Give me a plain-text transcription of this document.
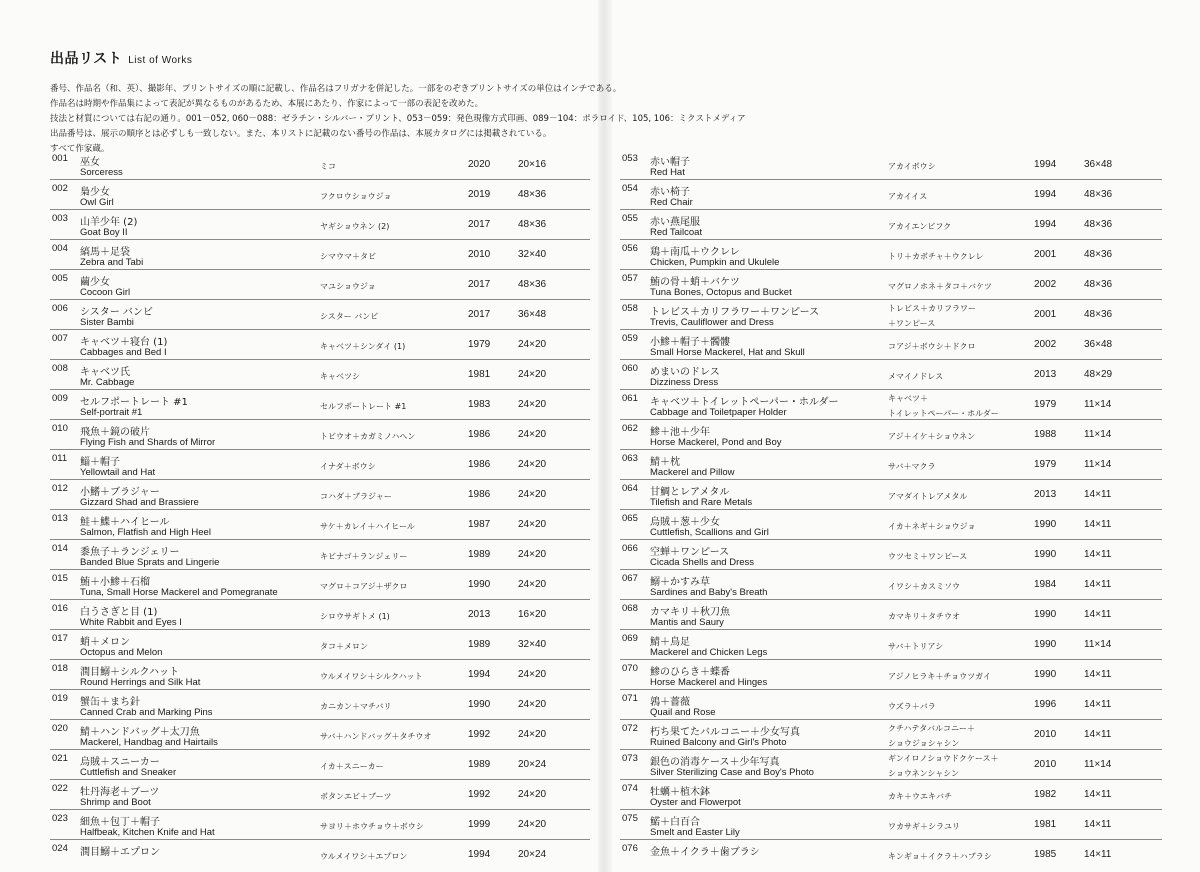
出品リスト List of Works
番号、作品名（和、英）、撮影年、プリントサイズの順に記載し、作品名はフリガナを併記した。一部をのぞきプリントサイズの単位はインチである。
作品名は時期や作品集によって表記が異なるものがあるため、本展にあたり、作家によって一部の表記を改めた。
技法と材質については右記の通り。001－052, 060－088：ゼラチン・シルバー・プリント、053－059：発色現像方式印画、089－104：ポラロイド、105, 106：ミクストメディア
出品番号は、展示の順序とは必ずしも一致しない。また、本リストに記載のない番号の作品は、本展カタログには掲載されている。
すべて作家蔵。
001 巫女
Sorceress
ミコ	2020	20×16
002 梟少女
Owl Girl
フクロウショウジョ	2019	48×36
003 山羊少年 (2)
Goat Boy II
ヤギショウネン (2)	2017	48×36
004 縞馬＋足袋
Zebra and Tabi
シマウマ＋タビ	2010	32×40
005 繭少女
Cocoon Girl
マユショウジョ	2017	48×36
006 シスター バンビ
Sister Bambi
シスター バンビ	2017	36×48
007 キャベツ＋寝台 (1)
Cabbages and Bed I
キャベツ＋シンダイ (1)	1979	24×20
008 キャベツ氏
Mr. Cabbage
キャベツシ	1981	24×20
009 セルフポートレート #1
Self-portrait #1
セルフポートレート #1	1983	24×20
010 飛魚＋鏡の破片
Flying Fish and Shards of Mirror
トビウオ＋カガミノハヘン	1986	24×20
011 鯔＋帽子
Yellowtail and Hat
イナダ＋ボウシ	1986	24×20
012 小鰭＋ブラジャー
Gizzard Shad and Brassiere
コハダ＋ブラジャー	1986	24×20
013 鮭＋鰈＋ハイヒール
Salmon, Flatfish and High Heel
サケ＋カレイ＋ハイヒール	1987	24×20
014 黍魚子＋ランジェリー
Banded Blue Sprats and Lingerie
キビナゴ＋ランジェリー	1989	24×20
015 鮪＋小鯵＋石榴
Tuna, Small Horse Mackerel and Pomegranate
マグロ＋コアジ＋ザクロ	1990	24×20
016 白うさぎと目 (1)
White Rabbit and Eyes I
シロウサギトメ (1)	2013	16×20
017 蛸＋メロン
Octopus and Melon
タコ＋メロン	1989	32×40
018 潤目鰯＋シルクハット
Round Herrings and Silk Hat
ウルメイワシ＋シルクハット	1994	24×20
019 蟹缶＋まち針
Canned Crab and Marking Pins
カニカン＋マチバリ	1990	24×20
020 鯖＋ハンドバッグ＋太刀魚
Mackerel, Handbag and Hairtails
サバ＋ハンドバッグ＋タチウオ	1992	24×20
021 烏賊＋スニーカー
Cuttlefish and Sneaker
イカ＋スニーカー	1989	20×24
022 牡丹海老＋ブーツ
Shrimp and Boot
ボタンエビ＋ブーツ	1992	24×20
023 細魚＋包丁＋帽子
Halfbeak, Kitchen Knife and Hat
サヨリ＋ホウチョウ＋ボウシ	1999	24×20
024 潤目鰯＋エプロン	ウルメイワシ＋エプロン	1994	20×24
053 赤い帽子
Red Hat
アカイボウシ	1994	36×48
054 赤い椅子
Red Chair
アカイイス	1994	48×36
055 赤い燕尾服
Red Tailcoat
アカイエンビフク	1994	48×36
056 鶏＋南瓜＋ウクレレ
Chicken, Pumpkin and Ukulele
トリ＋カボチャ＋ウクレレ	2001	48×36
057 鮪の骨＋蛸＋バケツ
Tuna Bones, Octopus and Bucket
マグロノホネ＋タコ＋バケツ	2002	48×36
058 トレビス＋カリフラワー＋ワンピース
Trevis, Cauliflower and Dress
トレビス＋カリフラワー
＋ワンピース
2001	48×36
059 小鯵＋帽子＋髑髏
Small Horse Mackerel, Hat and Skull
コアジ＋ボウシ＋ドクロ	2002	36×48
060 めまいのドレス
Dizziness Dress
メマイノドレス	2013	48×29
061 キャベツ＋トイレットペーパー・ホルダー
Cabbage and Toiletpaper Holder
キャベツ＋
トイレットペーパー・ホルダー
1979	11×14
062 鯵＋池＋少年
Horse Mackerel, Pond and Boy
アジ＋イケ＋ショウネン	1988	11×14
063 鯖＋枕
Mackerel and Pillow
サバ＋マクラ	1979	11×14
064 甘鯛とレアメタル
Tilefish and Rare Metals
アマダイトレアメタル	2013	14×11
065 烏賊＋葱＋少女
Cuttlefish, Scallions and Girl
イカ＋ネギ＋ショウジョ	1990	14×11
066 空蝉＋ワンピース
Cicada Shells and Dress
ウツセミ＋ワンピース	1990	14×11
067 鰯＋かすみ草
Sardines and Baby's Breath
イワシ＋カスミソウ	1984	14×11
068 カマキリ＋秋刀魚
Mantis and Saury
カマキリ＋タチウオ	1990	14×11
069 鯖＋鳥足
Mackerel and Chicken Legs
サバ＋トリアシ	1990	11×14
070 鯵のひらき＋蝶番
Horse Mackerel and Hinges
アジノヒラキ＋チョウツガイ	1990	14×11
071 鶉＋薔薇
Quail and Rose
ウズラ＋バラ	1996	14×11
072 朽ち果てたバルコニー＋少女写真
Ruined Balcony and Girl's Photo
クチハテタバルコニー＋
ショウジョシャシン
2010	14×11
073 銀色の消毒ケース＋少年写真
Silver Sterilizing Case and Boy's Photo
ギンイロノショウドクケース＋
ショウネンシャシン
2010	11×14
074 牡蠣＋植木鉢
Oyster and Flowerpot
カキ＋ウエキバチ	1982	14×11
075 鰙＋白百合
Smelt and Easter Lily
ワカサギ＋シラユリ	1981	14×11
076 金魚＋イクラ＋歯ブラシ	キンギョ＋イクラ＋ハブラシ	1985	14×11
